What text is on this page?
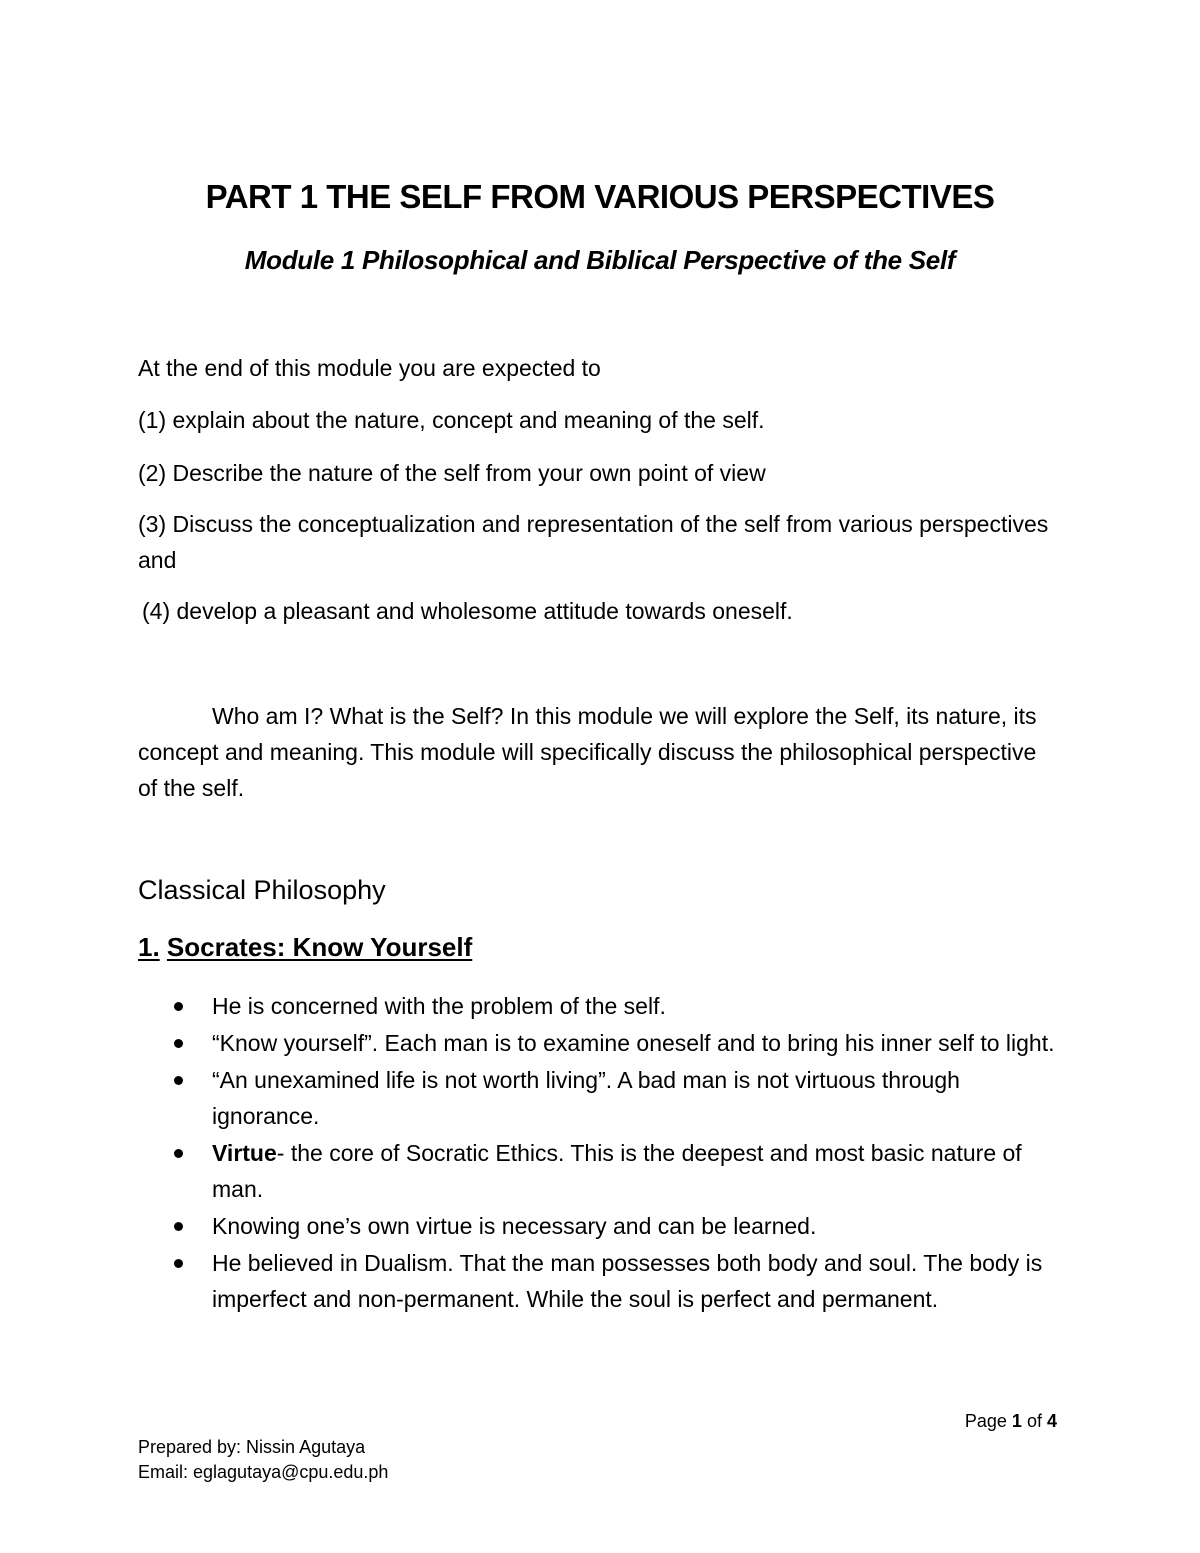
PART 1 THE SELF FROM VARIOUS PERSPECTIVES
Module 1 Philosophical and Biblical Perspective of the Self
At the end of this module you are expected to
(1) explain about the nature, concept and meaning of the self.
(2) Describe the nature of the self from your own point of view
(3) Discuss the conceptualization and representation of the self from various perspectives and
(4) develop a pleasant and wholesome attitude towards oneself.
Who am I? What is the Self? In this module we will explore the Self, its nature, its concept and meaning. This module will specifically discuss the philosophical perspective of the self.
Classical Philosophy
1. Socrates: Know Yourself
He is concerned with the problem of the self.
“Know yourself”. Each man is to examine oneself and to bring his inner self to light.
“An unexamined life is not worth living”. A bad man is not virtuous through ignorance.
Virtue- the core of Socratic Ethics. This is the deepest and most basic nature of man.
Knowing one’s own virtue is necessary and can be learned.
He believed in Dualism. That the man possesses both body and soul. The body is imperfect and non-permanent. While the soul is perfect and permanent.
Page 1 of 4
Prepared by: Nissin Agutaya
Email: eglagutaya@cpu.edu.ph
